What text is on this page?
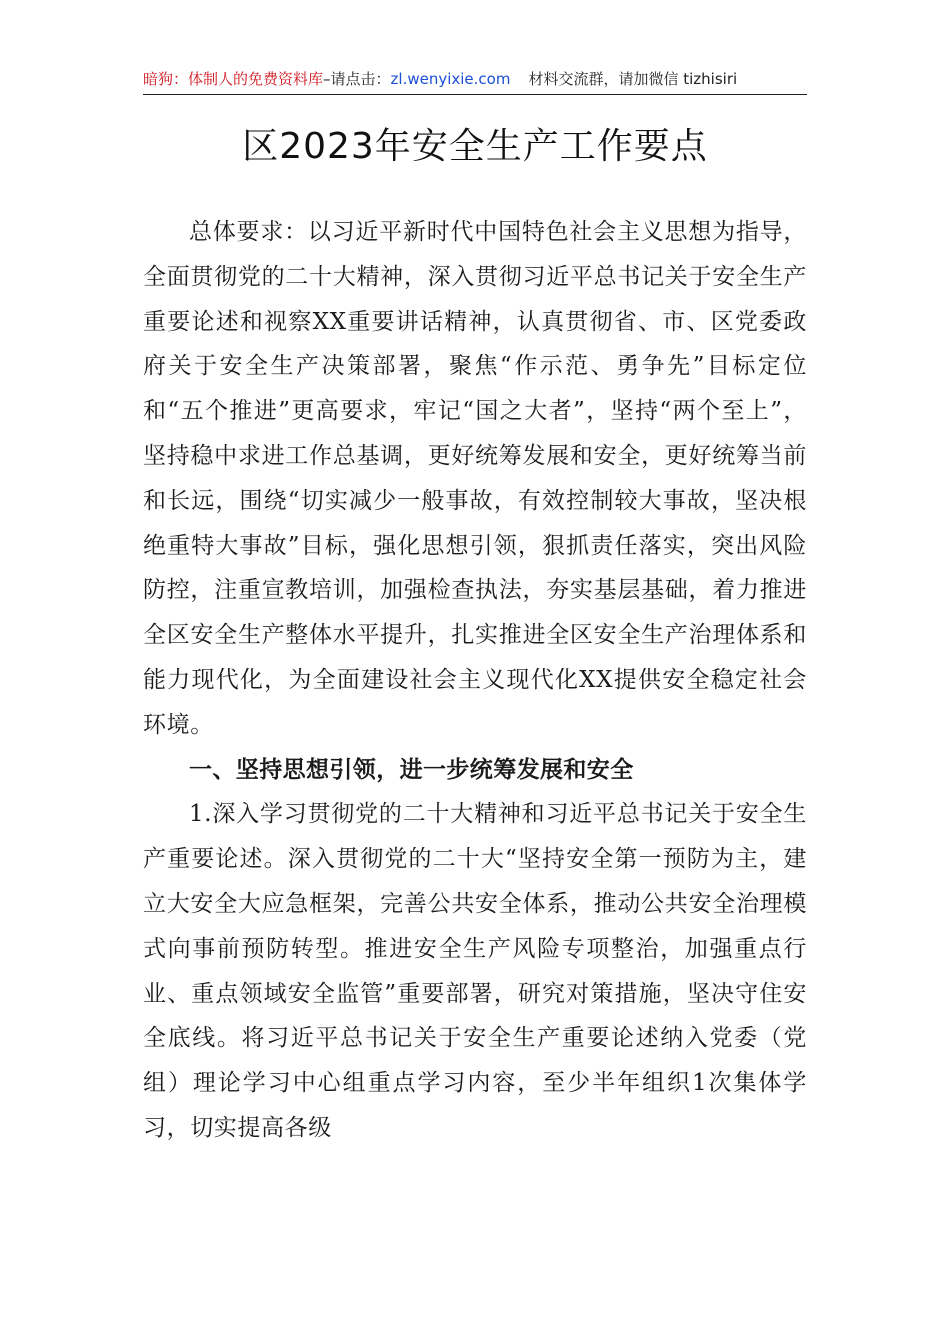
暗狗：体制人的免费资料库–请点击：zl.wenyixie.com 材料交流群，请加微信 tizhisiri
区2023年安全生产工作要点

总体要求：以习近平新时代中国特色社会主义思想为指导，全面贯彻党的二十大精神，深入贯彻习近平总书记关于安全生产重要论述和视察XX重要讲话精神，认真贯彻省、市、区党委政府关于安全生产决策部署，聚焦“作示范、勇争先”目标定位和“五个推进”更高要求，牢记“国之大者”，坚持“两个至上”，坚持稳中求进工作总基调，更好统筹发展和安全，更好统筹当前和长远，围绕“切实减少一般事故，有效控制较大事故，坚决根绝重特大事故”目标，强化思想引领，狠抓责任落实，突出风险防控，注重宣教培训，加强检查执法，夯实基层基础，着力推进全区安全生产整体水平提升，扎实推进全区安全生产治理体系和能力现代化，为全面建设社会主义现代化XX提供安全稳定社会环境。

一、坚持思想引领，进一步统筹发展和安全

1.深入学习贯彻党的二十大精神和习近平总书记关于安全生产重要论述。深入贯彻党的二十大“坚持安全第一预防为主，建立大安全大应急框架，完善公共安全体系，推动公共安全治理模式向事前预防转型。推进安全生产风险专项整治，加强重点行业、重点领域安全监管”重要部署，研究对策措施，坚决守住安全底线。将习近平总书记关于安全生产重要论述纳入党委（党组）理论学习中心组重点学习内容，至少半年组织1次集体学习，切实提高各级
